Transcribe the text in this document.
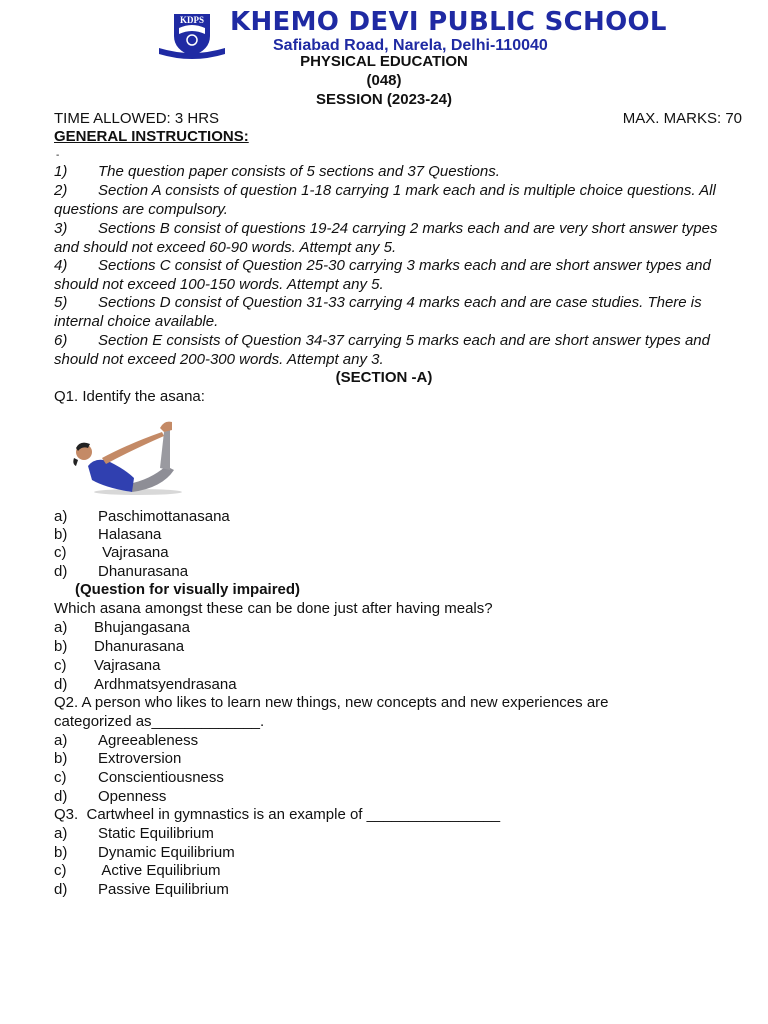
KDPS KHEMO DEVI PUBLIC SCHOOL
Safiabad Road, Narela, Delhi-110040
PHYSICAL EDUCATION
(048)
SESSION (2023-24)
TIME ALLOWED: 3 HRS	MAX. MARKS: 70
GENERAL INSTRUCTIONS:
-
1) The question paper consists of 5 sections and 37 Questions.
2) Section A consists of question 1-18 carrying 1 mark each and is multiple choice questions. All questions are compulsory.
3) Sections B consist of questions 19-24 carrying 2 marks each and are very short answer types and should not exceed 60-90 words. Attempt any 5.
4) Sections C consist of Question 25-30 carrying 3 marks each and are short answer types and should not exceed 100-150 words. Attempt any 5.
5) Sections D consist of Question 31-33 carrying 4 marks each and are case studies. There is internal choice available.
6) Section E consists of Question 34-37 carrying 5 marks each and are short answer types and should not exceed 200-300 words. Attempt any 3.
(SECTION -A)
Q1. Identify the asana:
a) Paschimottanasana
b) Halasana
c) Vajrasana
d) Dhanurasana
(Question for visually impaired)
Which asana amongst these can be done just after having meals?
a) Bhujangasana
b) Dhanurasana
c) Vajrasana
d) Ardhmatsyendrasana
Q2. A person who likes to learn new things, new concepts and new experiences are
categorized as_____________.
a) Agreeableness
b) Extroversion
c) Conscientiousness
d) Openness
Q3.  Cartwheel in gymnastics is an example of ________________
a) Static Equilibrium
b) Dynamic Equilibrium
c) Active Equilibrium
d) Passive Equilibrium
